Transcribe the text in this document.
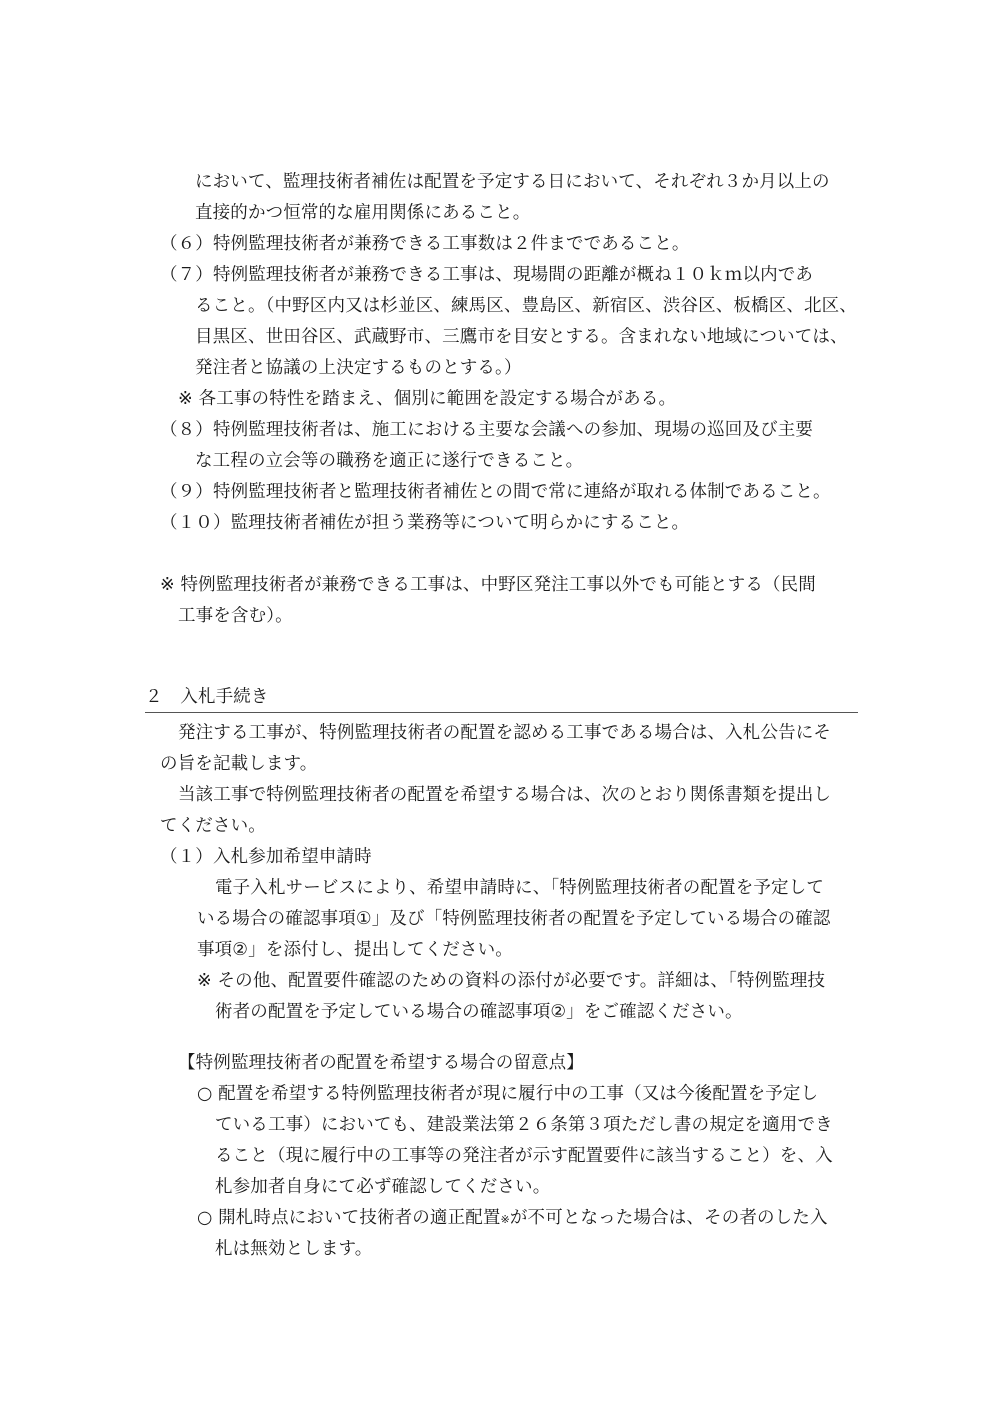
において、監理技術者補佐は配置を予定する日において、それぞれ３か月以上の
直接的かつ恒常的な雇用関係にあること。
（６）特例監理技術者が兼務できる工事数は２件までであること。
（７）特例監理技術者が兼務できる工事は、現場間の距離が概ね１０ｋｍ以内であ
ること。（中野区内又は杉並区、練馬区、豊島区、新宿区、渋谷区、板橋区、北区、
目黒区、世田谷区、武蔵野市、三鷹市を目安とする。含まれない地域については、
発注者と協議の上決定するものとする。）
※ 各工事の特性を踏まえ、個別に範囲を設定する場合がある。
（８）特例監理技術者は、施工における主要な会議への参加、現場の巡回及び主要
な工程の立会等の職務を適正に遂行できること。
（９）特例監理技術者と監理技術者補佐との間で常に連絡が取れる体制であること。
（１０）監理技術者補佐が担う業務等について明らかにすること。
※ 特例監理技術者が兼務できる工事は、中野区発注工事以外でも可能とする（民間
工事を含む）。
２　入札手続き
発注する工事が、特例監理技術者の配置を認める工事である場合は、入札公告にそ
の旨を記載します。
当該工事で特例監理技術者の配置を希望する場合は、次のとおり関係書類を提出し
てください。
（１）入札参加希望申請時
電子入札サービスにより、希望申請時に、「特例監理技術者の配置を予定して
いる場合の確認事項①」及び「特例監理技術者の配置を予定している場合の確認
事項②」を添付し、提出してください。
※ その他、配置要件確認のための資料の添付が必要です。詳細は、「特例監理技
術者の配置を予定している場合の確認事項②」をご確認ください。
【特例監理技術者の配置を希望する場合の留意点】
○ 配置を希望する特例監理技術者が現に履行中の工事（又は今後配置を予定し
ている工事）においても、建設業法第２６条第３項ただし書の規定を適用でき
ること（現に履行中の工事等の発注者が示す配置要件に該当すること）を、入
札参加者自身にて必ず確認してください。
○ 開札時点において技術者の適正配置※が不可となった場合は、その者のした入
札は無効とします。
